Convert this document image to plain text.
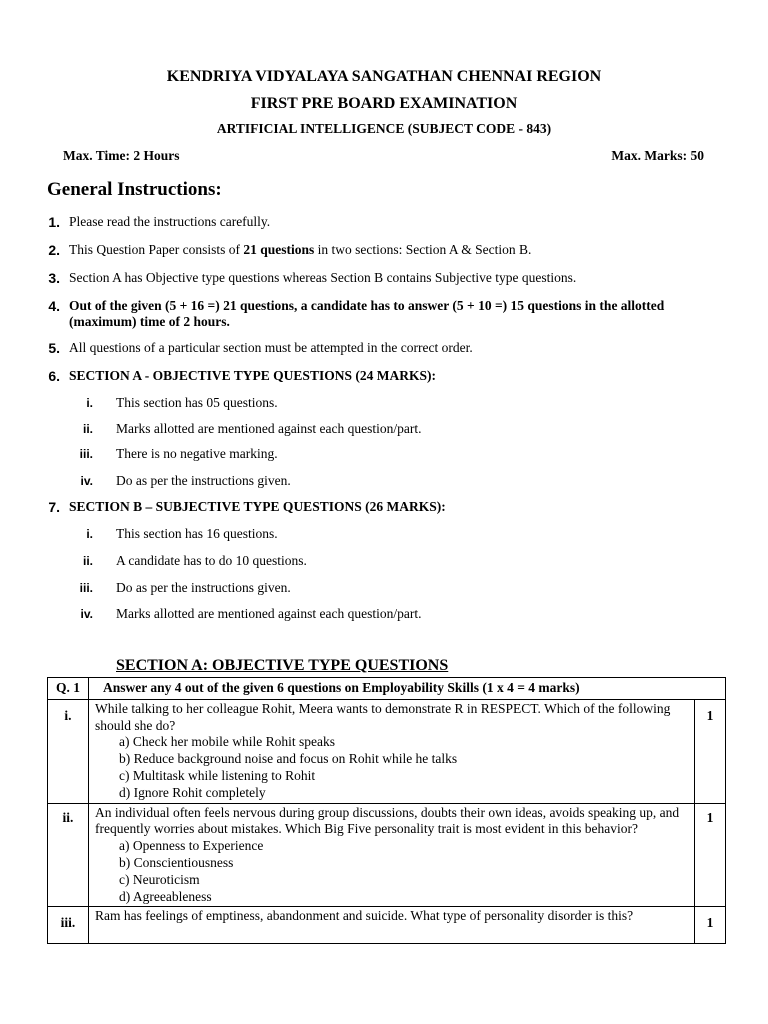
KENDRIYA VIDYALAYA SANGATHAN CHENNAI REGION
FIRST PRE BOARD EXAMINATION
ARTIFICIAL INTELLIGENCE (SUBJECT CODE - 843)
Max. Time: 2 Hours	Max. Marks: 50
General Instructions:
1. Please read the instructions carefully.
2. This Question Paper consists of 21 questions in two sections: Section A & Section B.
3. Section A has Objective type questions whereas Section B contains Subjective type questions.
4. Out of the given (5 + 16 =) 21 questions, a candidate has to answer (5 + 10 =) 15 questions in the allotted (maximum) time of 2 hours.
5. All questions of a particular section must be attempted in the correct order.
6. SECTION A - OBJECTIVE TYPE QUESTIONS (24 MARKS):
i. This section has 05 questions.
ii. Marks allotted are mentioned against each question/part.
iii. There is no negative marking.
iv. Do as per the instructions given.
7. SECTION B – SUBJECTIVE TYPE QUESTIONS (26 MARKS):
i. This section has 16 questions.
ii. A candidate has to do 10 questions.
iii. Do as per the instructions given.
iv. Marks allotted are mentioned against each question/part.
SECTION A: OBJECTIVE TYPE QUESTIONS
Q. 1	Answer any 4 out of the given 6 questions on Employability Skills (1 x 4 = 4 marks)	
i.	While talking to her colleague Rohit, Meera wants to demonstrate R in RESPECT. Which of the following should she do?
a) Check her mobile while Rohit speaks
b) Reduce background noise and focus on Rohit while he talks
c) Multitask while listening to Rohit
d) Ignore Rohit completely	1
ii.	An individual often feels nervous during group discussions, doubts their own ideas, avoids speaking up, and frequently worries about mistakes. Which Big Five personality trait is most evident in this behavior?
a) Openness to Experience
b) Conscientiousness
c) Neuroticism
d) Agreeableness	1
iii.	Ram has feelings of emptiness, abandonment and suicide. What type of personality disorder is this?	1
